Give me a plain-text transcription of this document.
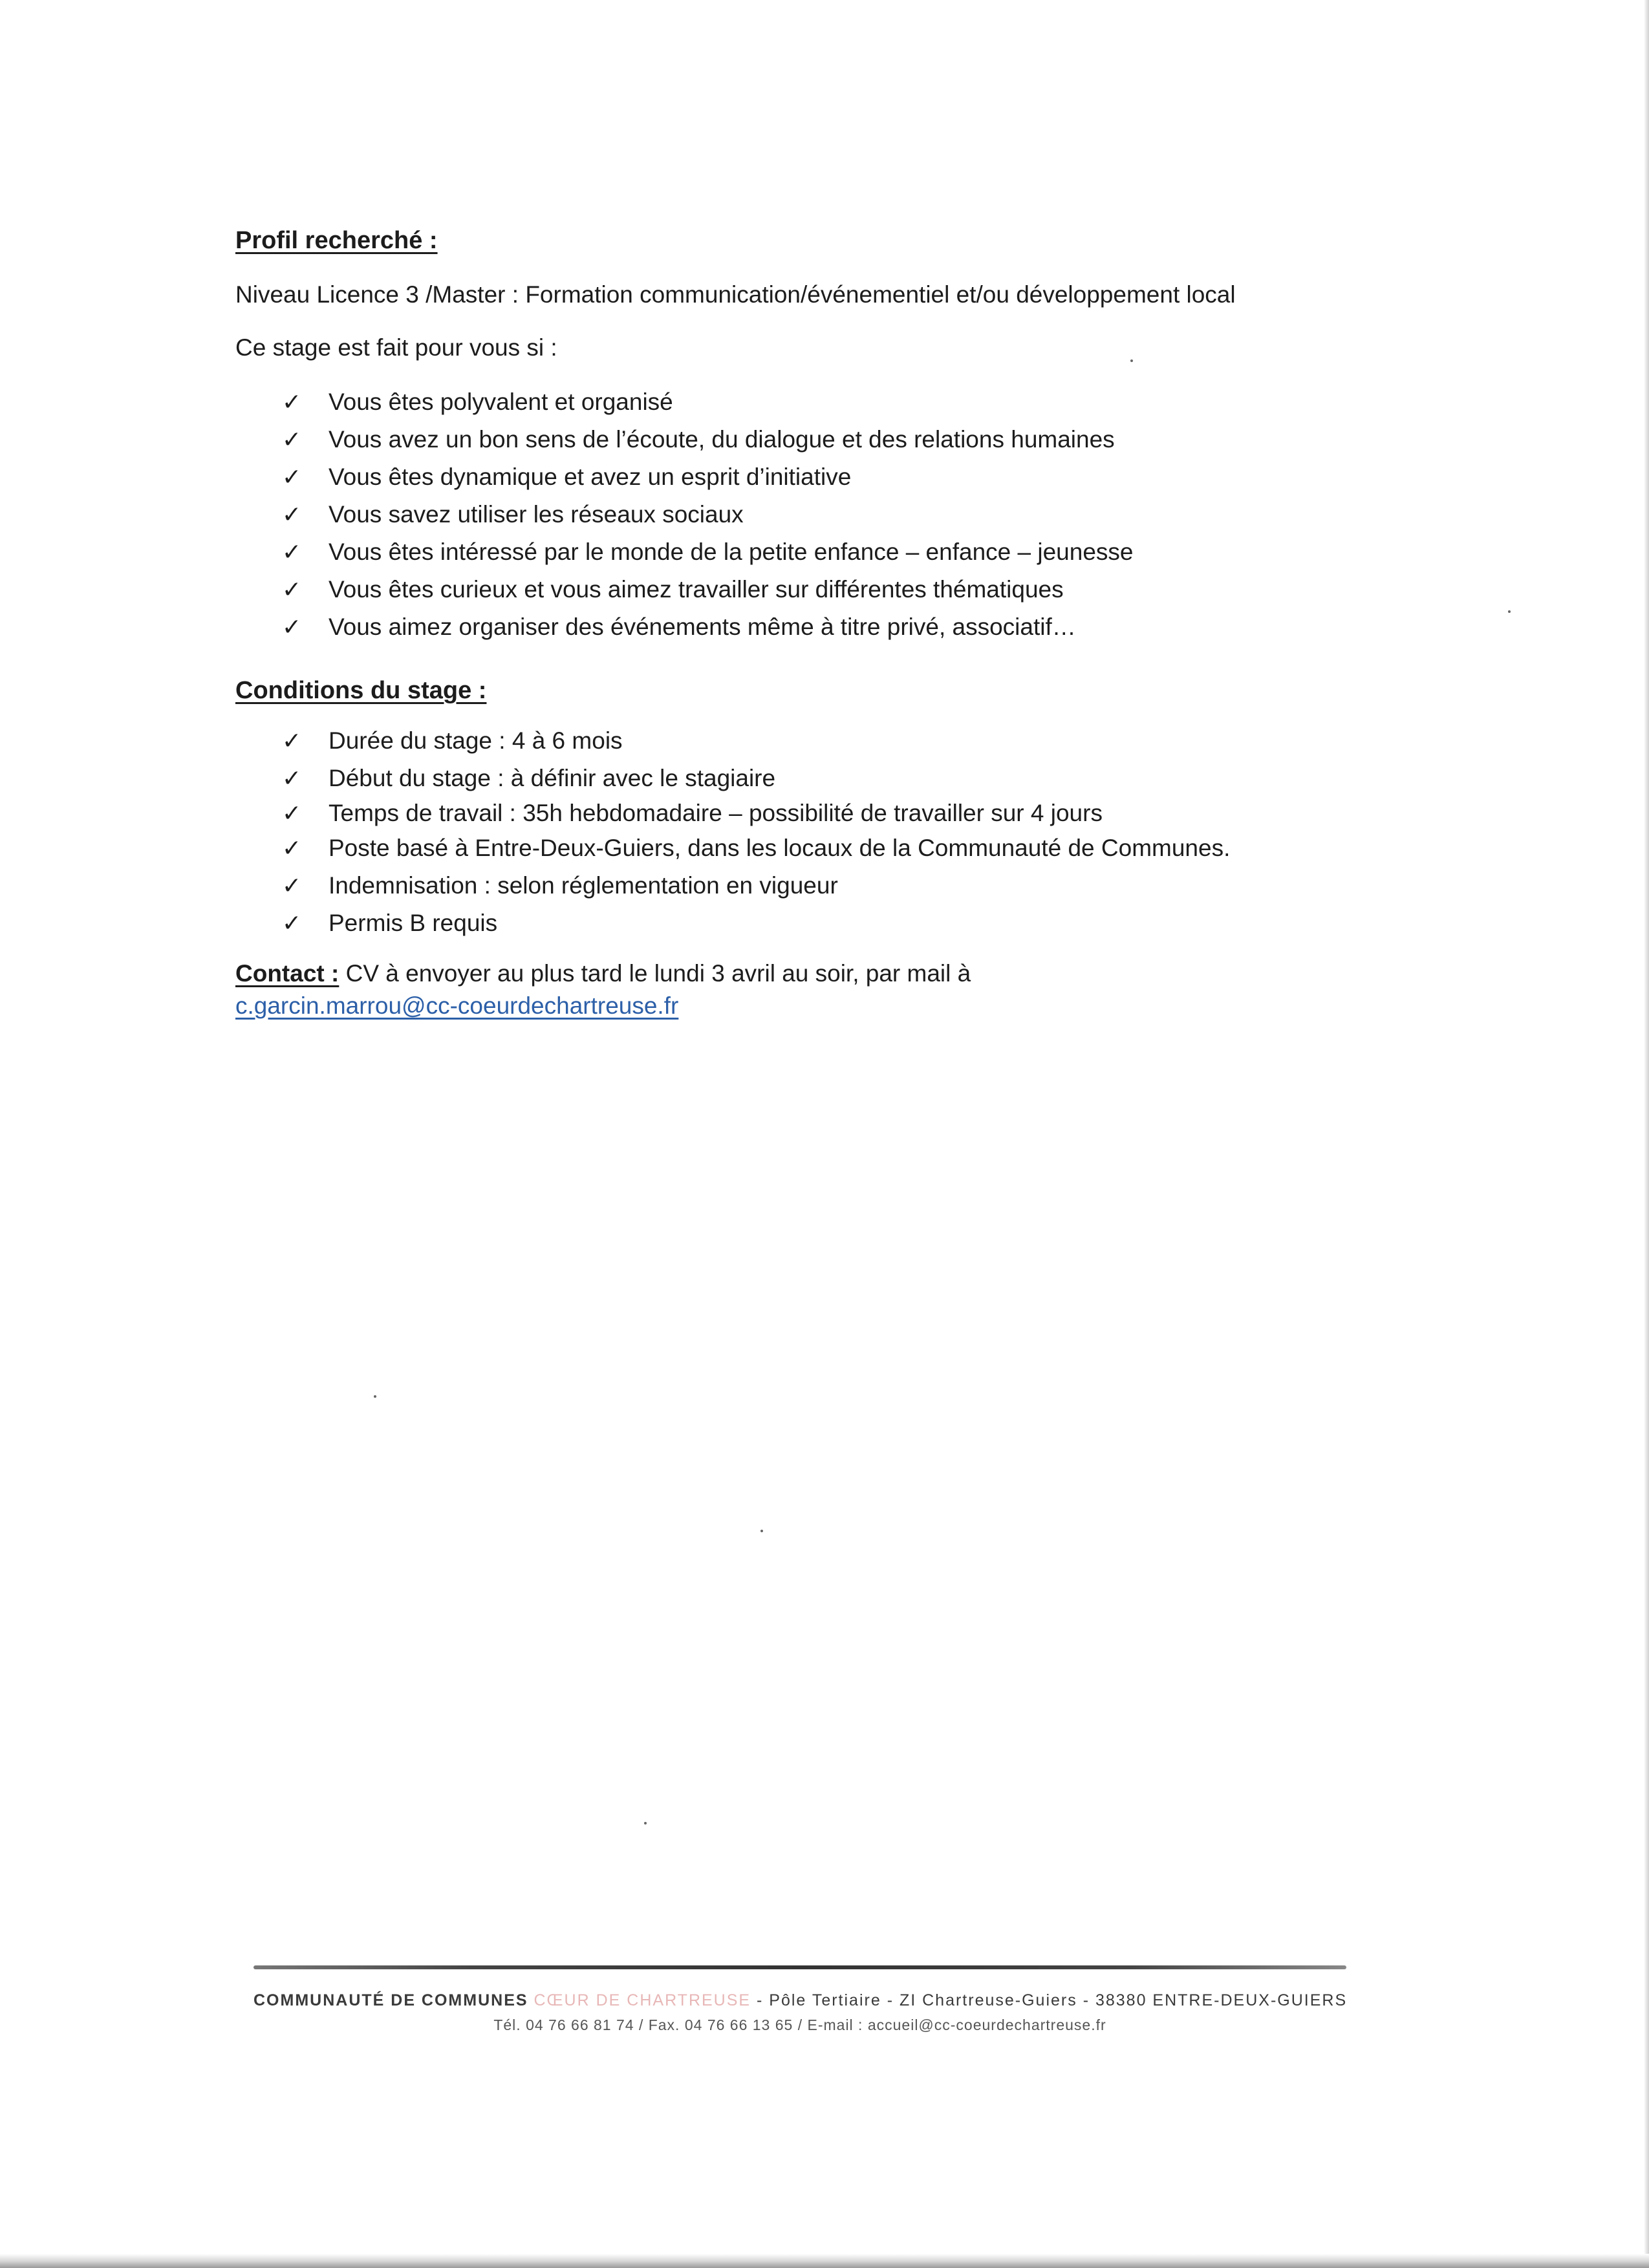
Profil recherché :

Niveau Licence 3 /Master : Formation communication/événementiel et/ou développement local

Ce stage est fait pour vous si :

✓ Vous êtes polyvalent et organisé
✓ Vous avez un bon sens de l’écoute, du dialogue et des relations humaines
✓ Vous êtes dynamique et avez un esprit d’initiative
✓ Vous savez utiliser les réseaux sociaux
✓ Vous êtes intéressé par le monde de la petite enfance – enfance – jeunesse
✓ Vous êtes curieux et vous aimez travailler sur différentes thématiques
✓ Vous aimez organiser des événements même à titre privé, associatif…
Conditions du stage :
✓ Durée du stage : 4 à 6 mois
✓ Début du stage : à définir avec le stagiaire
✓ Temps de travail : 35h hebdomadaire – possibilité de travailler sur 4 jours
✓ Poste basé à Entre-Deux-Guiers, dans les locaux de la Communauté de Communes.
✓ Indemnisation : selon réglementation en vigueur
✓ Permis B requis

Contact : CV à envoyer au plus tard le lundi 3 avril au soir, par mail à

c.garcin.marrou@cc-coeurdechartreuse.fr
COMMUNAUTÉ DE COMMUNES CŒUR DE CHARTREUSE - Pôle Tertiaire - ZI Chartreuse-Guiers - 38380 ENTRE-DEUX-GUIERS
Tél. 04 76 66 81 74 / Fax. 04 76 66 13 65 / E-mail : accueil@cc-coeurdechartreuse.fr
